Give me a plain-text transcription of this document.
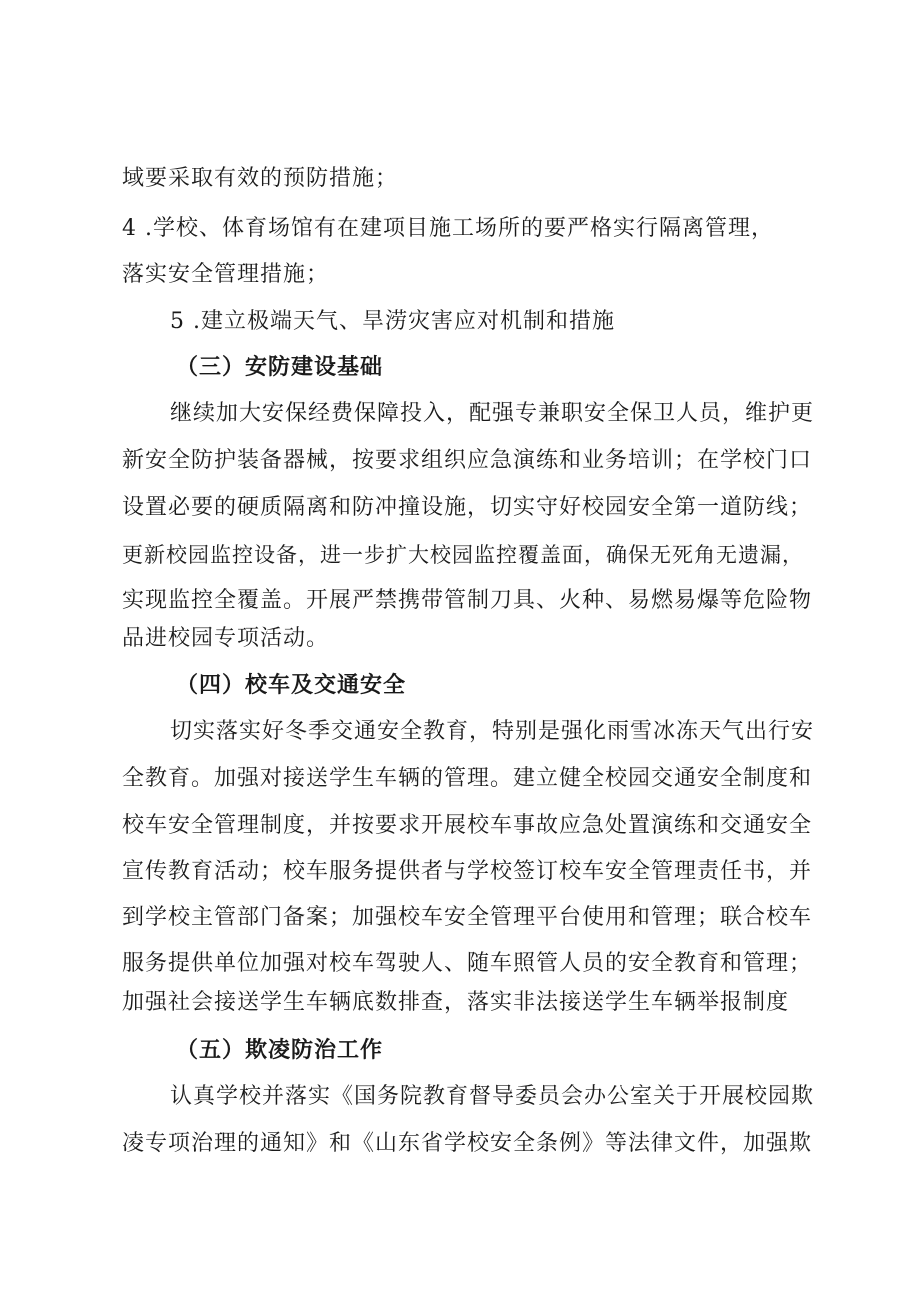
域要采取有效的预防措施；
4 .学校、体育场馆有在建项目施工场所的要严格实行隔离管理，
落实安全管理措施；
5 .建立极端天气、旱涝灾害应对机制和措施
（三）安防建设基础
继续加大安保经费保障投入，配强专兼职安全保卫人员，维护更
新安全防护装备器械，按要求组织应急演练和业务培训；在学校门口
设置必要的硬质隔离和防冲撞设施，切实守好校园安全第一道防线；
更新校园监控设备，进一步扩大校园监控覆盖面，确保无死角无遗漏，
实现监控全覆盖。开展严禁携带管制刀具、火种、易燃易爆等危险物
品进校园专项活动。
（四）校车及交通安全
切实落实好冬季交通安全教育，特别是强化雨雪冰冻天气出行安
全教育。加强对接送学生车辆的管理。建立健全校园交通安全制度和
校车安全管理制度，并按要求开展校车事故应急处置演练和交通安全
宣传教育活动；校车服务提供者与学校签订校车安全管理责任书，并
到学校主管部门备案；加强校车安全管理平台使用和管理；联合校车
服务提供单位加强对校车驾驶人、随车照管人员的安全教育和管理；
加强社会接送学生车辆底数排查，落实非法接送学生车辆举报制度
（五）欺凌防治工作
认真学校并落实《国务院教育督导委员会办公室关于开展校园欺
凌专项治理的通知》和《山东省学校安全条例》等法律文件，加强欺
